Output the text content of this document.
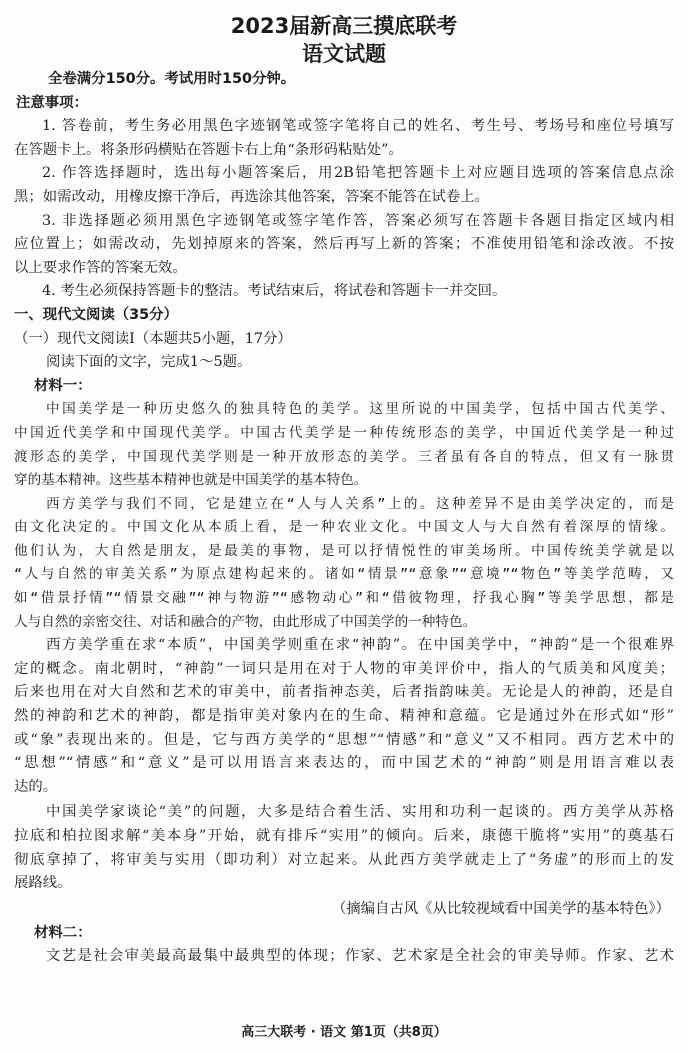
2023届新高三摸底联考
语文试题
全卷满分150分。考试用时150分钟。
注意事项：
1. 答卷前，考生务必用黑色字迹钢笔或签字笔将自己的姓名、考生号、考场号和座位号填写
在答题卡上。将条形码横贴在答题卡右上角“条形码粘贴处”。
2. 作答选择题时，选出每小题答案后，用2B铅笔把答题卡上对应题目选项的答案信息点涂
黑；如需改动，用橡皮擦干净后，再选涂其他答案，答案不能答在试卷上。
3. 非选择题必须用黑色字迹钢笔或签字笔作答，答案必须写在答题卡各题目指定区域内相
应位置上；如需改动，先划掉原来的答案，然后再写上新的答案；不准使用铅笔和涂改液。不按
以上要求作答的答案无效。
4. 考生必须保持答题卡的整洁。考试结束后，将试卷和答题卡一并交回。
一、现代文阅读（35分）
（一）现代文阅读Ⅰ（本题共5小题，17分）
阅读下面的文字，完成1～5题。
材料一：
中国美学是一种历史悠久的独具特色的美学。这里所说的中国美学，包括中国古代美学、
中国近代美学和中国现代美学。中国古代美学是一种传统形态的美学，中国近代美学是一种过
渡形态的美学，中国现代美学则是一种开放形态的美学。三者虽有各自的特点，但又有一脉贯
穿的基本精神。这些基本精神也就是中国美学的基本特色。
西方美学与我们不同，它是建立在“人与人关系”上的。这种差异不是由美学决定的，而是
由文化决定的。中国文化从本质上看，是一种农业文化。中国文人与大自然有着深厚的情缘。
他们认为，大自然是朋友，是最美的事物，是可以抒情悦性的审美场所。中国传统美学就是以
“人与自然的审美关系”为原点建构起来的。诸如“情景”“意象”“意境”“物色”等美学范畴，又
如“借景抒情”“情景交融”“神与物游”“感物动心”和“借彼物理，抒我心胸”等美学思想，都是
人与自然的亲密交往、对话和融合的产物，由此形成了中国美学的一种特色。
西方美学重在求“本质”，中国美学则重在求“神韵”。在中国美学中，“神韵”是一个很难界
定的概念。南北朝时，“神韵”一词只是用在对于人物的审美评价中，指人的气质美和风度美；
后来也用在对大自然和艺术的审美中，前者指神态美，后者指韵味美。无论是人的神韵，还是自
然的神韵和艺术的神韵，都是指审美对象内在的生命、精神和意蕴。它是通过外在形式如“形”
或“象”表现出来的。但是，它与西方美学的“思想”“情感”和“意义”又不相同。西方艺术中的
“思想”“情感”和“意义”是可以用语言来表达的，而中国艺术的“神韵”则是用语言难以表
达的。
中国美学家谈论“美”的问题，大多是结合着生活、实用和功利一起谈的。西方美学从苏格
拉底和柏拉图求解“美本身”开始，就有排斥“实用”的倾向。后来，康德干脆将“实用”的奠基石
彻底拿掉了，将审美与实用（即功利）对立起来。从此西方美学就走上了“务虚”的形而上的发
展路线。
（摘编自古风《从比较视域看中国美学的基本特色》）
材料二：
文艺是社会审美最高最集中最典型的体现；作家、艺术家是全社会的审美导师。作家、艺术
高三大联考 · 语文 第1页（共8页）
